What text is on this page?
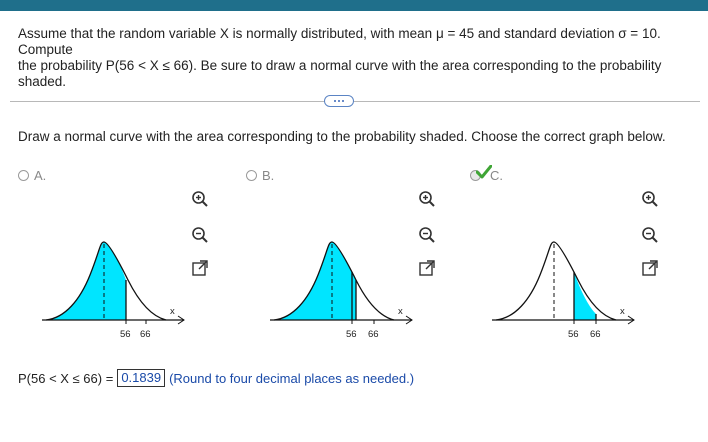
Assume that the random variable X is normally distributed, with mean μ = 45 and standard deviation σ = 10. Compute
the probability P(56 < X ≤ 66). Be sure to draw a normal curve with the area corresponding to the probability shaded.
Draw a normal curve with the area corresponding to the probability shaded. Choose the correct graph below.
A.
56 66
x
B.
56 66
x
C.
56 66
x
P(56 < X ≤ 66) = 0.1839 (Round to four decimal places as needed.)
